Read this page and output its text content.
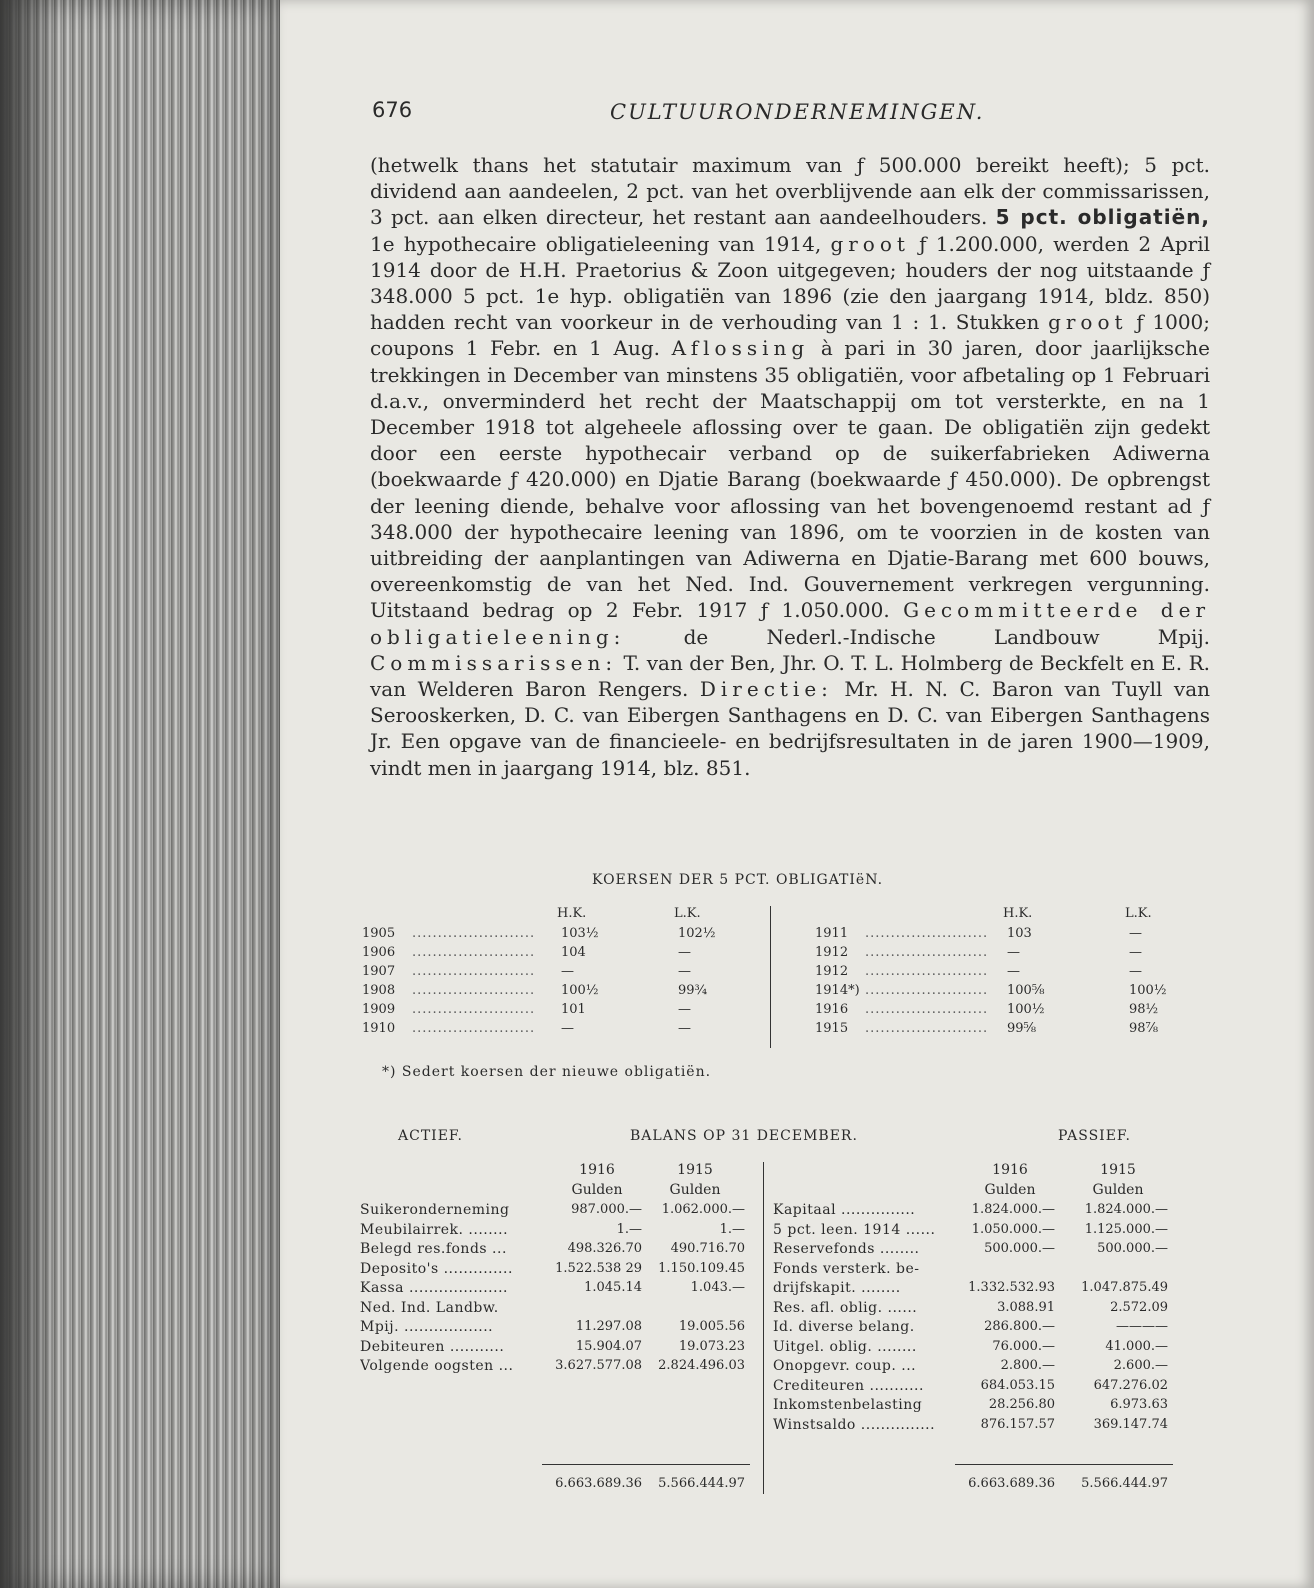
676	CULTUURONDERNEMINGEN.

(hetwelk thans het statutair maximum van ƒ 500.000 bereikt heeft); 5 pct. dividend aan aandeelen, 2 pct. van het overblijvende aan elk der commissarissen, 3 pct. aan elken directeur, het restant aan aandeelhouders. 5 pct. obligatiën, 1e hypothecaire obligatieleening van 1914, groot ƒ 1.200.000, werden 2 April 1914 door de H.H. Praetorius & Zoon uitgegeven; houders der nog uitstaande ƒ 348.000 5 pct. 1e hyp. obligatiën van 1896 (zie den jaargang 1914, bldz. 850) hadden recht van voorkeur in de verhouding van 1 : 1. Stukken groot ƒ 1000; coupons 1 Febr. en 1 Aug. Aflossing à pari in 30 jaren, door jaarlijksche trekkingen in December van minstens 35 obligatiën, voor afbetaling op 1 Februari d.a.v., onverminderd het recht der Maatschappij om tot versterkte, en na 1 December 1918 tot algeheele aflossing over te gaan. De obligatiën zijn gedekt door een eerste hypothecair verband op de suikerfabrieken Adiwerna (boekwaarde ƒ 420.000) en Djatie Barang (boekwaarde ƒ 450.000). De opbrengst der leening diende, behalve voor aflossing van het bovengenoemd restant ad ƒ 348.000 der hypothecaire leening van 1896, om te voorzien in de kosten van uitbreiding der aanplantingen van Adiwerna en Djatie-Barang met 600 bouws, overeenkomstig de van het Ned. Ind. Gouvernement verkregen vergunning. Uitstaand bedrag op 2 Febr. 1917 ƒ 1.050.000. Gecommitteerde der obligatieleening:	de Nederl.-Indische Landbouw Mpij. Commissarissen: T. van der Ben, Jhr. O. T. L. Holmberg de Beckfelt en E. R. van Welderen Baron Rengers. Directie: Mr. H. N. C. Baron van Tuyll van Serooskerken, D. C. van Eibergen Santhagens en D. C. van Eibergen Santhagens Jr. Een opgave van de financieele- en bedrijfsresultaten in de jaren 1900—1909, vindt men in jaargang 1914, blz. 851.

KOERSEN DER 5 PCT. OBLIGATIëN.
H.K.	L.K.
1905 ........................ 103½	102½
1906 ........................ 104	—
1907 ........................ —	—
1908 ........................ 100½	99¾
1909 ........................ 101	—
1910 ........................ —	—
H.K.	L.K.
1911 ........................ 103	—
1912 ........................ —	—
1912 ........................ —	—
1914*) ........................ 100⅝	100½
1916 ........................ 100½	98½
1915 ........................ 99⅝	98⅞
*) Sedert koersen der nieuwe obligatiën.
ACTIEF.	BALANS OP 31 DECEMBER.	PASSIEF.
1916	1915
Gulden	Gulden
Suikeronderneming	987.000.—	1.062.000.—
Meubilairrek. ........	1.—	1.—
Belegd res.fonds ...	498.326.70	490.716.70
Deposito's ..............	1.522.538 29	1.150.109.45
Kassa ....................	1.045.14	1.043.—
Ned. Ind. Landbw.
Mpij. ..................	11.297.08	19.005.56
Debiteuren ...........	15.904.07	19.073.23
Volgende oogsten ...	3.627.577.08	2.824.496.03
6.663.689.36	5.566.444.97
1916	1915
Gulden	Gulden
Kapitaal ...............	1.824.000.—	1.824.000.—
5 pct. leen. 1914 ......	1.050.000.—	1.125.000.—
Reservefonds ........	500.000.—	500.000.—
Fonds versterk. be-
drijfskapit. ........	1.332.532.93	1.047.875.49
Res. afl. oblig. ......	3.088.91	2.572.09
Id. diverse belang.	286.800.—	————
Uitgel. oblig. ........	76.000.—	41.000.—
Onopgevr. coup. ...	2.800.—	2.600.—
Crediteuren ...........	684.053.15	647.276.02
Inkomstenbelasting	28.256.80	6.973.63
Winstsaldo ...............	876.157.57	369.147.74
6.663.689.36	5.566.444.97
